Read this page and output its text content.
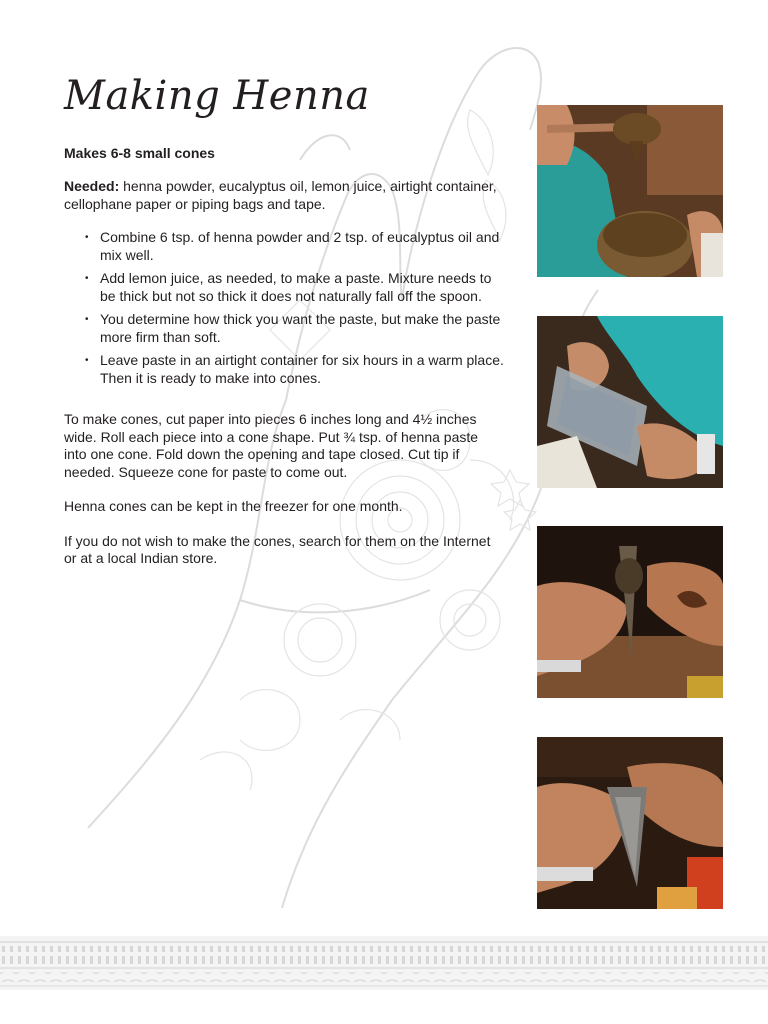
Making Henna
Makes 6-8 small cones

Needed: henna powder, eucalyptus oil, lemon juice, airtight container, cellophane paper or piping bags and tape.

• Combine 6 tsp. of henna powder and 2 tsp. of eucalyptus oil and mix well.
• Add lemon juice, as needed, to make a paste. Mixture needs to be thick but not so thick it does not naturally fall off the spoon.
• You determine how thick you want the paste, but make the paste more firm than soft.
• Leave paste in an airtight container for six hours in a warm place. Then it is ready to make into cones.

To make cones, cut paper into pieces 6 inches long and 4½ inches wide. Roll each piece into a cone shape. Put ¾ tsp. of henna paste into one cone. Fold down the opening and tape closed. Cut tip if needed. Squeeze cone for paste to come out.

Henna cones can be kept in the freezer for one month.

If you do not wish to make the cones, search for them on the Internet or at a local Indian store.
